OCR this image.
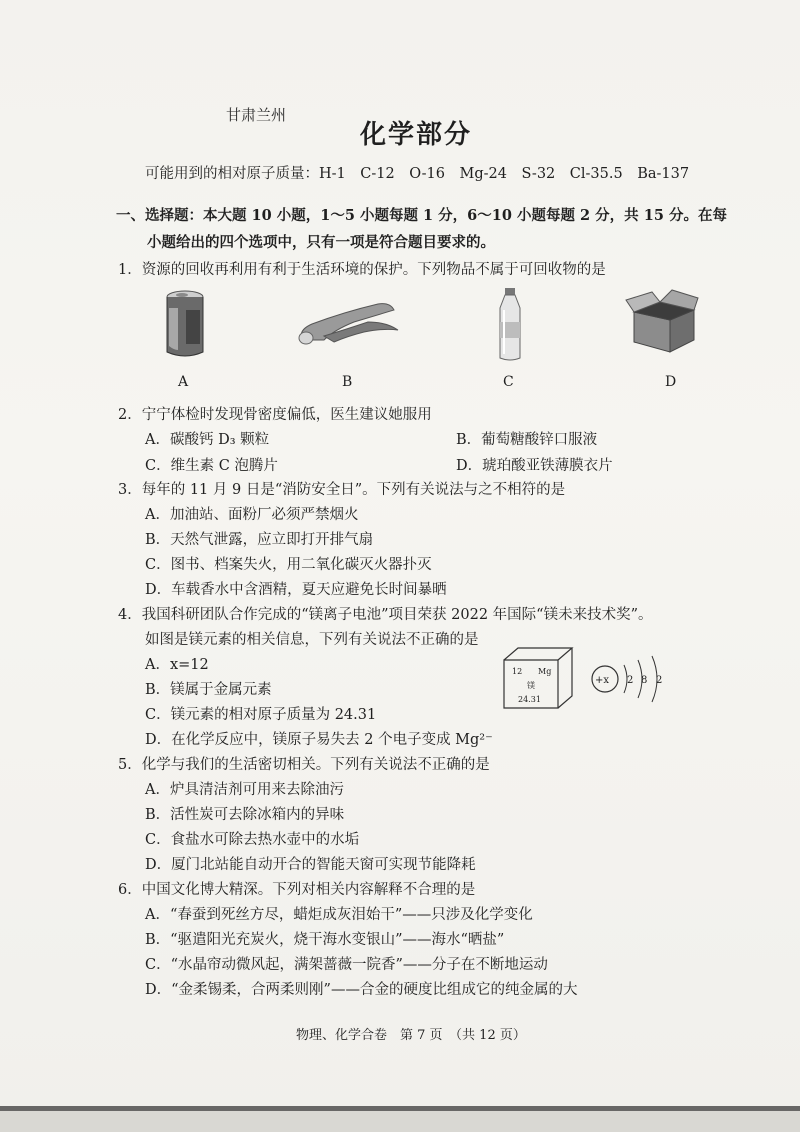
甘肃兰州
化学部分
可能用到的相对原子质量：H-1　C-12　O-16　Mg-24　S-32　Cl-35.5　Ba-137
一、选择题：本大题 10 小题，1～5 小题每题 1 分，6～10 小题每题 2 分，共 15 分。在每
小题给出的四个选项中，只有一项是符合题目要求的。
1．资源的回收再利用有利于生活环境的保护。下列物品不属于可回收物的是
A	B	C	D
2．宁宁体检时发现骨密度偏低，医生建议她服用
A．碳酸钙 D₃ 颗粒	B．葡萄糖酸锌口服液
C．维生素 C 泡腾片	D．琥珀酸亚铁薄膜衣片
3．每年的 11 月 9 日是“消防安全日”。下列有关说法与之不相符的是
A．加油站、面粉厂必须严禁烟火
B．天然气泄露，应立即打开排气扇
C．图书、档案失火，用二氧化碳灭火器扑灭
D．车载香水中含酒精，夏天应避免长时间暴晒
4．我国科研团队合作完成的“镁离子电池”项目荣获 2022 年国际“镁未来技术奖”。
如图是镁元素的相关信息，下列有关说法不正确的是
A．x=12
B．镁属于金属元素
C．镁元素的相对原子质量为 24.31
D．在化学反应中，镁原子易失去 2 个电子变成 Mg²⁻
12 Mg
镁
24.31
+x 2 8 2
5．化学与我们的生活密切相关。下列有关说法不正确的是
A．炉具清洁剂可用来去除油污
B．活性炭可去除冰箱内的异味
C．食盐水可除去热水壶中的水垢
D．厦门北站能自动开合的智能天窗可实现节能降耗
6．中国文化博大精深。下列对相关内容解释不合理的是
A．“春蚕到死丝方尽，蜡炬成灰泪始干”——只涉及化学变化
B．“驱遣阳光充炭火，烧干海水变银山”——海水“晒盐”
C．“水晶帘动微风起，满架蔷薇一院香”——分子在不断地运动
D．“金柔锡柔，合两柔则刚”——合金的硬度比组成它的纯金属的大
物理、化学合卷　第 7 页　（共 12 页）
